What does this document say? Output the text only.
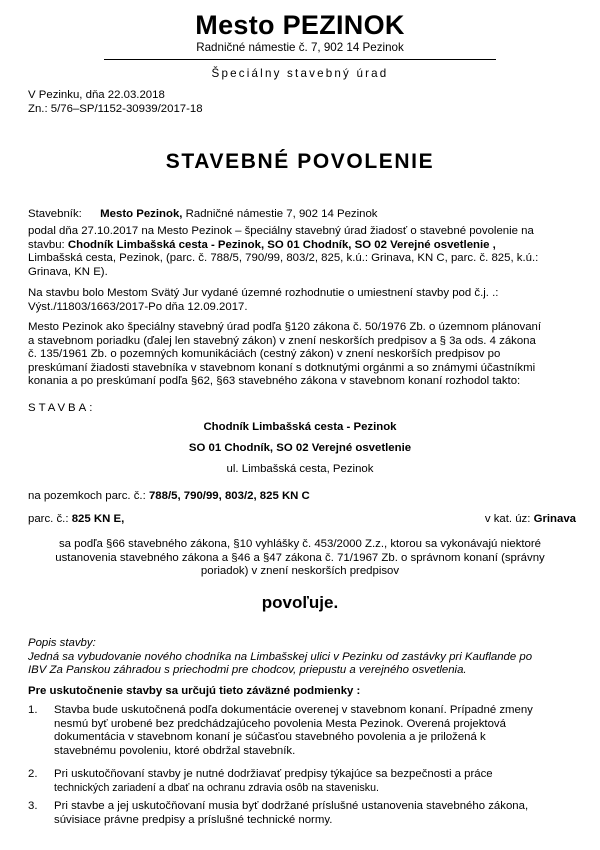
Mesto PEZINOK
Radničné námestie č. 7, 902 14 Pezinok
Špeciálny stavebný úrad
V Pezinku, dňa 22.03.2018
Zn.: 5/76–SP/1152-30939/2017-18
STAVEBNÉ POVOLENIE
Stavebník: Mesto Pezinok, Radničné námestie 7, 902 14 Pezinok
podal dňa 27.10.2017 na Mesto Pezinok – špeciálny stavebný úrad žiadosť o stavebné povolenie na
stavbu: Chodník Limbašská cesta - Pezinok, SO 01 Chodník, SO 02 Verejné osvetlenie ,
Limbašská cesta, Pezinok, (parc. č. 788/5, 790/99, 803/2, 825, k.ú.: Grinava, KN C, parc. č. 825, k.ú.:
Grinava, KN E).
Na stavbu bolo Mestom Svätý Jur vydané územné rozhodnutie o umiestnení stavby pod č.j. .:
Výst./11803/1663/2017-Po dňa 12.09.2017.
Mesto Pezinok ako špeciálny stavebný úrad podľa §120 zákona č. 50/1976 Zb. o územnom plánovaní
a stavebnom poriadku (ďalej len stavebný zákon) v znení neskorších predpisov a § 3a ods. 4 zákona
č. 135/1961 Zb. o pozemných komunikáciách (cestný zákon) v znení neskorších predpisov po
preskúmaní žiadosti stavebníka v stavebnom konaní s dotknutými orgánmi a so známymi účastníkmi
konania a po preskúmaní podľa §62, §63 stavebného zákona v stavebnom konaní rozhodol takto:
STAVBA:
Chodník Limbašská cesta - Pezinok
SO 01 Chodník, SO 02 Verejné osvetlenie
ul. Limbašská cesta, Pezinok
na pozemkoch parc. č.: 788/5, 790/99, 803/2, 825 KN C
parc. č.: 825 KN E,	v kat. úz: Grinava
sa podľa §66 stavebného zákona, §10 vyhlášky č. 453/2000 Z.z., ktorou sa vykonávajú niektoré
ustanovenia stavebného zákona a §46 a §47 zákona č. 71/1967 Zb. o správnom konaní (správny
poriadok) v znení neskorších predpisov
povoľuje.
Popis stavby:
Jedná sa vybudovanie nového chodníka na Limbašskej ulici v Pezinku od zastávky pri Kauflande po
IBV Za Panskou záhradou s priechodmi pre chodcov, priepustu a verejného osvetlenia.
Pre uskutočnenie stavby sa určujú tieto záväzné podmienky :
1. Stavba bude uskutočnená podľa dokumentácie overenej v stavebnom konaní. Prípadné zmeny
nesmú byť urobené bez predchádzajúceho povolenia Mesta Pezinok. Overená projektová
dokumentácia v stavebnom konaní je súčasťou stavebného povolenia a je priložená k
stavebnému povoleniu, ktoré obdržal stavebník.
2. Pri uskutočňovaní stavby je nutné dodržiavať predpisy týkajúce sa bezpečnosti a práce
technických zariadení a dbať na ochranu zdravia osôb na stavenisku.
3. Pri stavbe a jej uskutočňovaní musia byť dodržané príslušné ustanovenia stavebného zákona,
súvisiace právne predpisy a príslušné technické normy.
